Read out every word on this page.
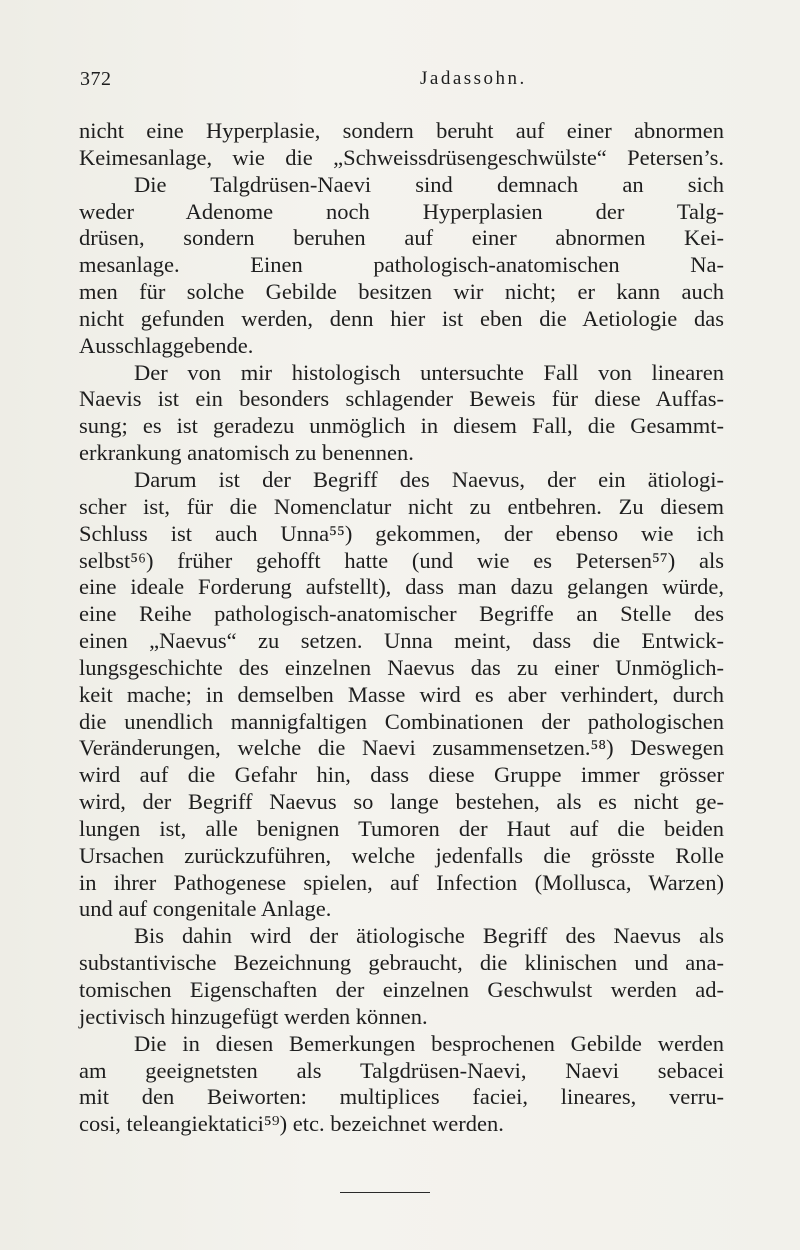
372	Jadassohn.
nicht eine Hyperplasie, sondern beruht auf einer abnormen
Keimesanlage, wie die „Schweissdrüsengeschwülste“ Petersen’s.
Die Talgdrüsen-Naevi sind demnach an sich
weder Adenome noch Hyperplasien der Talg-
drüsen, sondern beruhen auf einer abnormen Kei-
mesanlage. Einen pathologisch-anatomischen Na-
men für solche Gebilde besitzen wir nicht; er kann auch
nicht gefunden werden, denn hier ist eben die Aetiologie das
Ausschlaggebende.
Der von mir histologisch untersuchte Fall von linearen
Naevis ist ein besonders schlagender Beweis für diese Auffas-
sung; es ist geradezu unmöglich in diesem Fall, die Gesammt-
erkrankung anatomisch zu benennen.
Darum ist der Begriff des Naevus, der ein ätiologi-
scher ist, für die Nomenclatur nicht zu entbehren. Zu diesem
Schluss ist auch Unna⁵⁵) gekommen, der ebenso wie ich
selbst⁵⁶) früher gehofft hatte (und wie es Petersen⁵⁷) als
eine ideale Forderung aufstellt), dass man dazu gelangen würde,
eine Reihe pathologisch-anatomischer Begriffe an Stelle des
einen „Naevus“ zu setzen. Unna meint, dass die Entwick-
lungsgeschichte des einzelnen Naevus das zu einer Unmöglich-
keit mache; in demselben Masse wird es aber verhindert, durch
die unendlich mannigfaltigen Combinationen der pathologischen
Veränderungen, welche die Naevi zusammensetzen.⁵⁸) Deswegen
wird auf die Gefahr hin, dass diese Gruppe immer grösser
wird, der Begriff Naevus so lange bestehen, als es nicht ge-
lungen ist, alle benignen Tumoren der Haut auf die beiden
Ursachen zurückzuführen, welche jedenfalls die grösste Rolle
in ihrer Pathogenese spielen, auf Infection (Mollusca, Warzen)
und auf congenitale Anlage.
Bis dahin wird der ätiologische Begriff des Naevus als
substantivische Bezeichnung gebraucht, die klinischen und ana-
tomischen Eigenschaften der einzelnen Geschwulst werden ad-
jectivisch hinzugefügt werden können.
Die in diesen Bemerkungen besprochenen Gebilde werden
am geeignetsten als Talgdrüsen-Naevi, Naevi sebacei
mit den Beiworten: multiplices faciei, lineares, verru-
cosi, teleangiektatici⁵⁹) etc. bezeichnet werden.
